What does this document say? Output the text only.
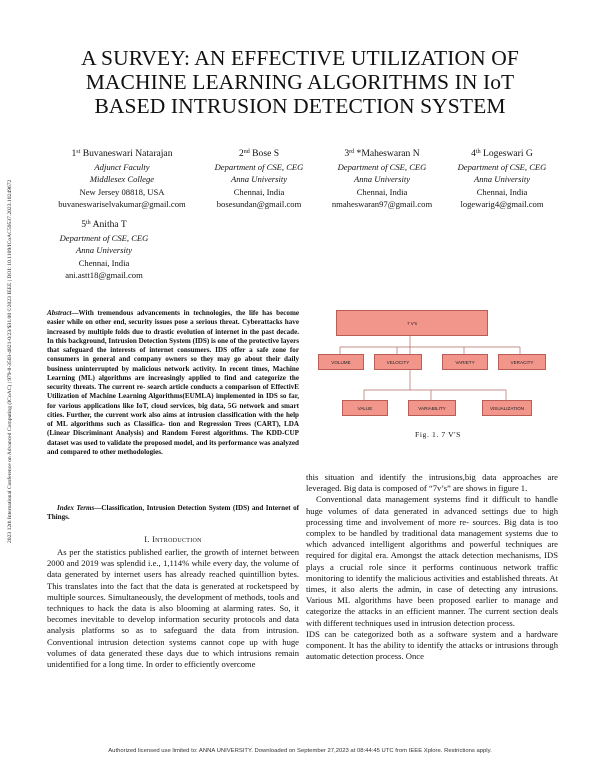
A SURVEY: AN EFFECTIVE UTILIZATION OF
MACHINE LEARNING ALGORITHMS IN IoT
BASED INTRUSION DETECTION SYSTEM
2023 12th International Conference on Advanced Computing (ICoAC) | 979-8-3503-4821-0/23/$31.00 ©2023 IEEE | DOI: 10.1109/ICoAC59537.2023.10249672
1st Buvaneswari Natarajan
Adjunct Faculty
Middlesex College
New Jersey 08818, USA
buvaneswariselvakumar@gmail.com
2nd Bose S
Department of CSE, CEG
Anna University
Chennai, India
bosesundan@gmail.com
3rd *Maheswaran N
Department of CSE, CEG
Anna University
Chennai, India
nmaheswaran97@gmail.com
4th Logeswari G
Department of CSE, CEG
Anna University
Chennai, India
logewarig4@gmail.com
5th Anitha T
Department of CSE, CEG
Anna University
Chennai, India
ani.astt18@gmail.com
Abstract—With tremendous advancements in technologies, the life has become easier while on other end, security issues pose a serious threat. Cyberattacks have increased by multiple folds due to drastic evolution of internet in the past decade. In this background, Intrusion Detection System (IDS) is one of the protective layers that safeguard the interests of internet consumers. IDS offer a safe zone for consumers in general and company owners so they may go about their daily business uninterrupted by malicious network activity. In recent times, Machine Learning (ML) algorithms are increasingly applied to find and categorize the security threats. The current re- search article conducts a comparison of EffectivE Utilization of Machine Learning Algorithms(EUMLA) implemented in IDS so far, for various applications like IoT, cloud services, big data, 5G network and smart cities. Further, the current work also aims at intrusion classification with the help of ML algorithms such as Classifica- tion and Regression Trees (CART), LDA (Linear Discriminant Analysis) and Random Forest algorithms. The KDD-CUP dataset was used to validate the proposed model, and its performance was analyzed and compared to other methodologies.
Index Terms—Classification, Intrusion Detection System (IDS) and Internet of Things.
I. Introduction

As per the statistics published earlier, the growth of internet between 2000 and 2019 was splendid i.e., 1,114% while every day, the volume of data generated by internet users has already reached quintillion bytes. This translates into the fact that the data is generated at rocketspeed by multiple sources. Simultaneously, the development of methods, tools and techniques to hack the data is also blooming at alarming rates. So, it becomes inevitable to develop information security protocols and data analysis platforms so as to safeguard the data from intrusion. Conventional intrusion detection systems cannot cope up with huge volumes of data generated these days due to which intrusions remain unidentified for a long time. In order to efficiently overcome

this situation and identify the intrusions,big data approaches are leveraged. Big data is composed of “7v’s” are shows in figure 1.

Conventional data management systems find it difficult to handle huge volumes of data generated in advanced settings due to high processing time and involvement of more re- sources. Big data is too complex to be handled by traditional data management systems due to which advanced intelligent algorithms and powerful techniques are required for digital era. Amongst the attack detection mechanisms, IDS plays a crucial role since it performs continuous network traffic monitoring to identify the malicious activities and established threats. At times, it also alerts the admin, in case of detecting any intrusions. Various ML algorithms have been proposed earlier to manage and categorize the attacks in an efficient manner. The current section deals with different techniques used in intrusion detection process.

IDS can be categorized both as a software system and a hardware component. It has the ability to identify the attacks or intrusions through automatic detection process. Once

7 V's
VOLUME	VELOCITY	VARIETY	VERACITY
VALUE	VARIABILITY	VISUALIZATION
Fig. 1. 7 V'S
Authorized licensed use limited to: ANNA UNIVERSITY. Downloaded on September 27,2023 at 08:44:45 UTC from IEEE Xplore. Restrictions apply.
